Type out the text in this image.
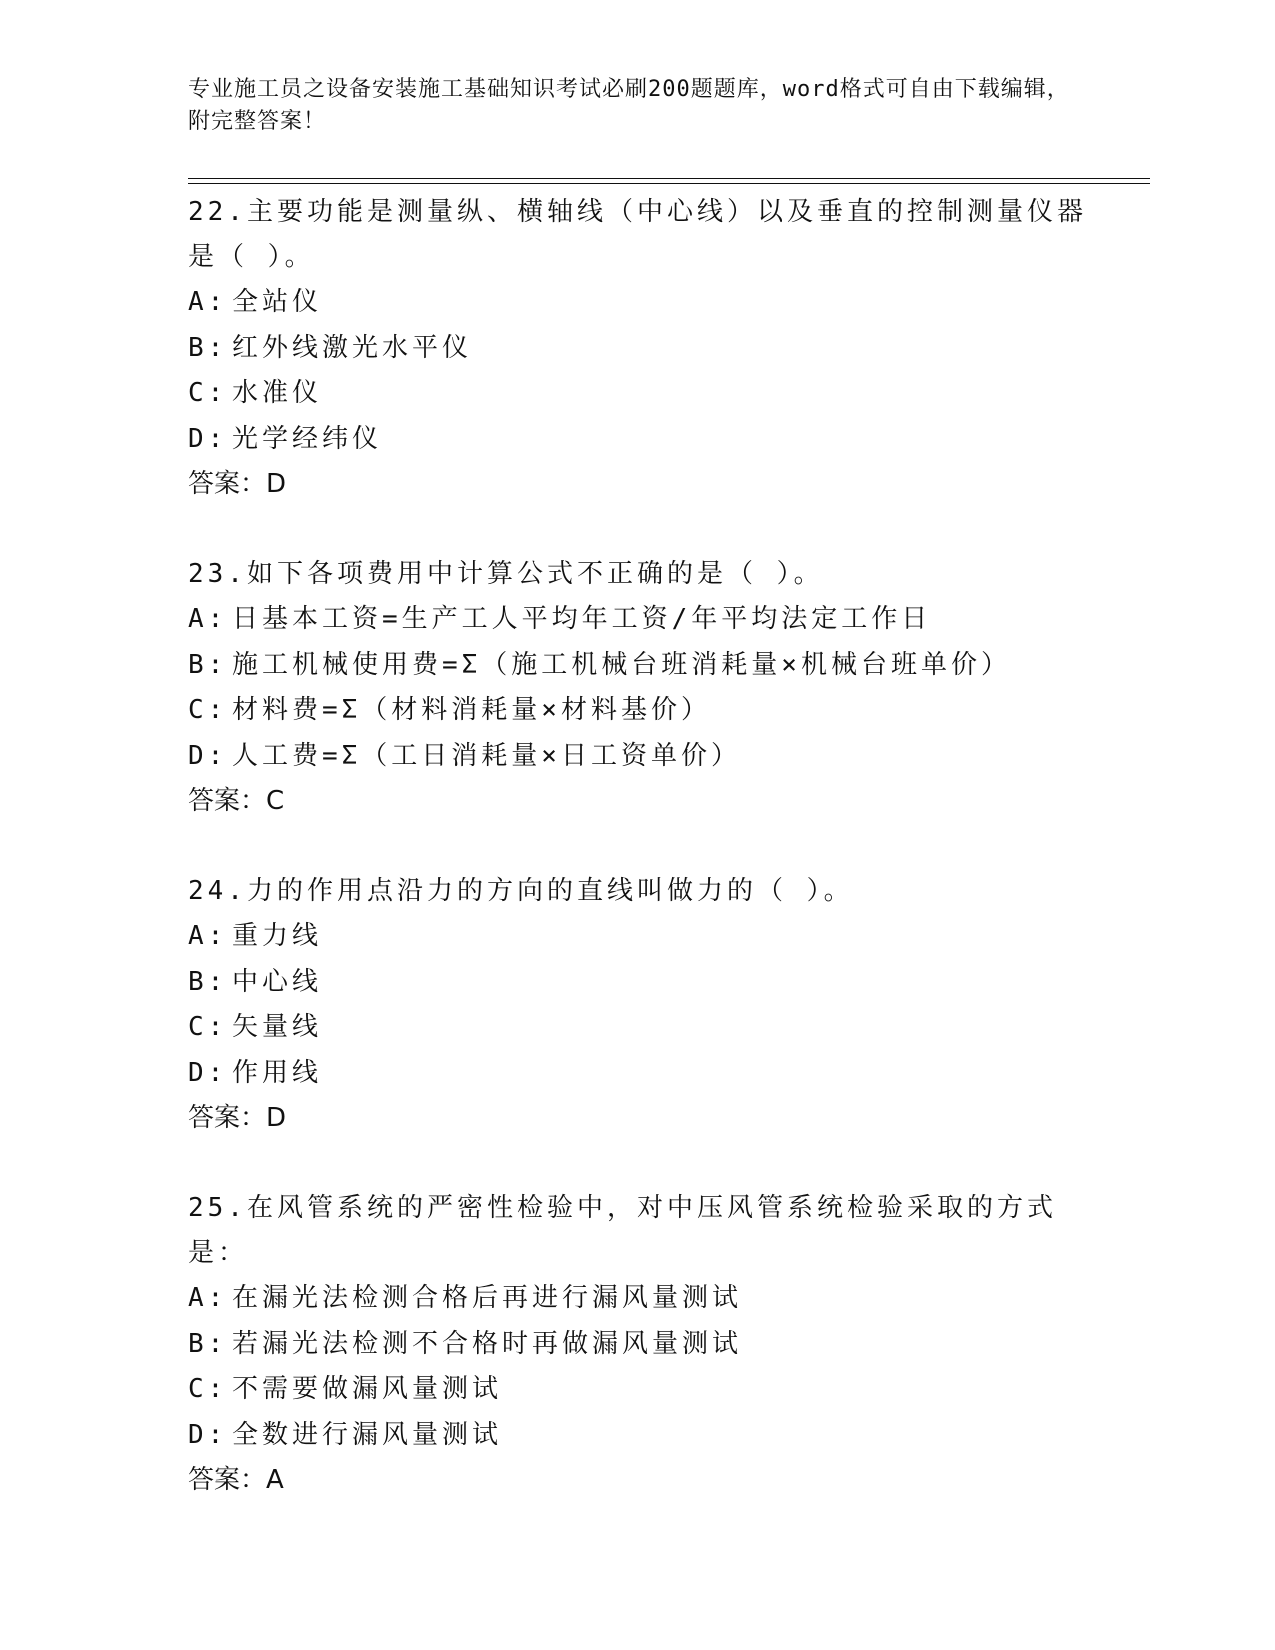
专业施工员之设备安装施工基础知识考试必刷200题题库，word格式可自由下载编辑，附完整答案！

22.主要功能是测量纵、横轴线（中心线）以及垂直的控制测量仪器是（ ）。

A: 全站仪

B: 红外线激光水平仪

C: 水准仪

D: 光学经纬仪

答案：D

23.如下各项费用中计算公式不正确的是（ ）。

A: 日基本工资=生产工人平均年工资/年平均法定工作日

B: 施工机械使用费=Σ（施工机械台班消耗量×机械台班单价）

C: 材料费=Σ（材料消耗量×材料基价）

D: 人工费=Σ（工日消耗量×日工资单价）

答案：C

24.力的作用点沿力的方向的直线叫做力的（ ）。

A: 重力线

B: 中心线

C: 矢量线

D: 作用线

答案：D

25.在风管系统的严密性检验中，对中压风管系统检验采取的方式是：

A: 在漏光法检测合格后再进行漏风量测试

B: 若漏光法检测不合格时再做漏风量测试

C: 不需要做漏风量测试

D: 全数进行漏风量测试

答案：A
